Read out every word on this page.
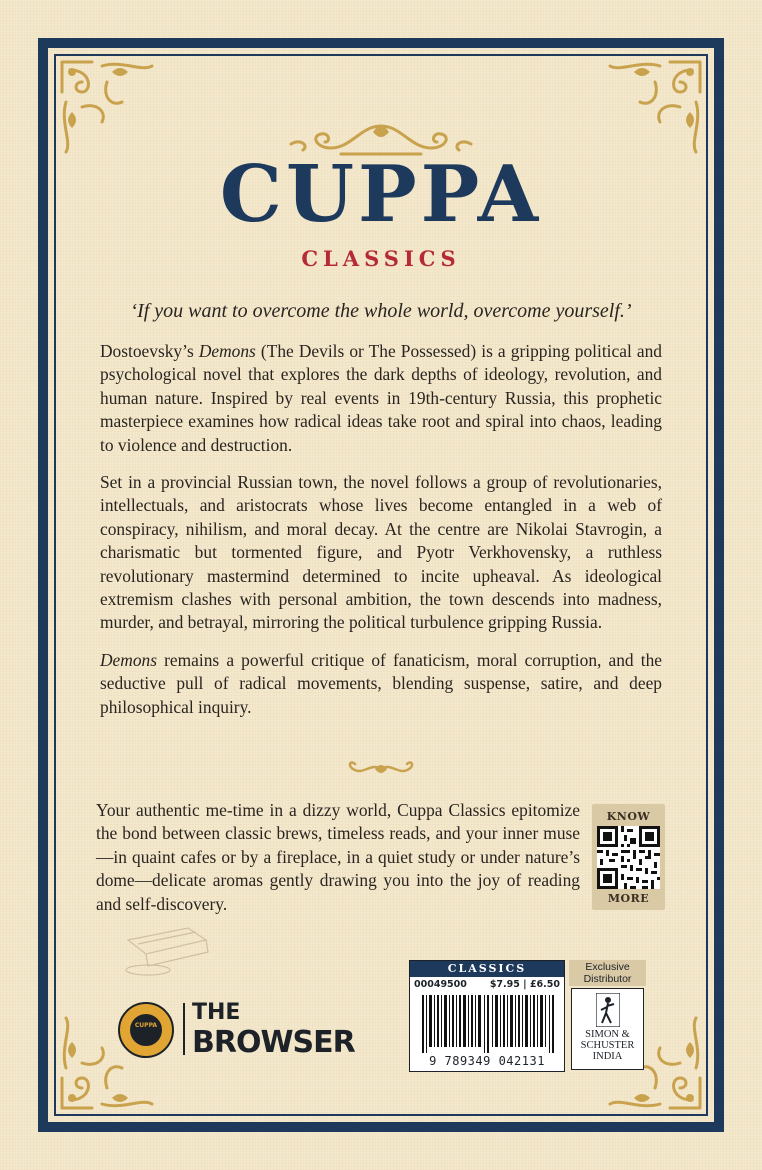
CUPPA
CLASSICS
‘If you want to overcome the whole world, overcome yourself.’

Dostoevsky’s Demons (The Devils or The Possessed) is a gripping political and psychological novel that explores the dark depths of ideology, revolution, and human nature. Inspired by real events in 19th-century Russia, this prophetic masterpiece examines how radical ideas take root and spiral into chaos, leading to violence and destruction.

Set in a provincial Russian town, the novel follows a group of revolutionaries, intellectuals, and aristocrats whose lives become entangled in a web of conspiracy, nihilism, and moral decay. At the centre are Nikolai Stavrogin, a charismatic but tormented figure, and Pyotr Verkhovensky, a ruthless revolutionary mastermind determined to incite upheaval. As ideological extremism clashes with personal ambition, the town descends into madness, murder, and betrayal, mirroring the political turbulence gripping Russia.

Demons remains a powerful critique of fanaticism, moral corruption, and the seductive pull of radical movements, blending suspense, satire, and deep philosophical inquiry.

Your authentic me-time in a dizzy world, Cuppa Classics epitomize the bond between classic brews, timeless reads, and your inner muse—in quaint cafes or by a fireplace, in a quiet study or under nature’s dome—delicate aromas gently drawing you into the joy of reading and self-discovery.
KNOW
MORE
CUPPA
THE
BROWSER
CLASSICS
00049500 $7.95 | £6.50
9 789349 042131
Exclusive Distributor
SIMON &
SCHUSTER
INDIA
